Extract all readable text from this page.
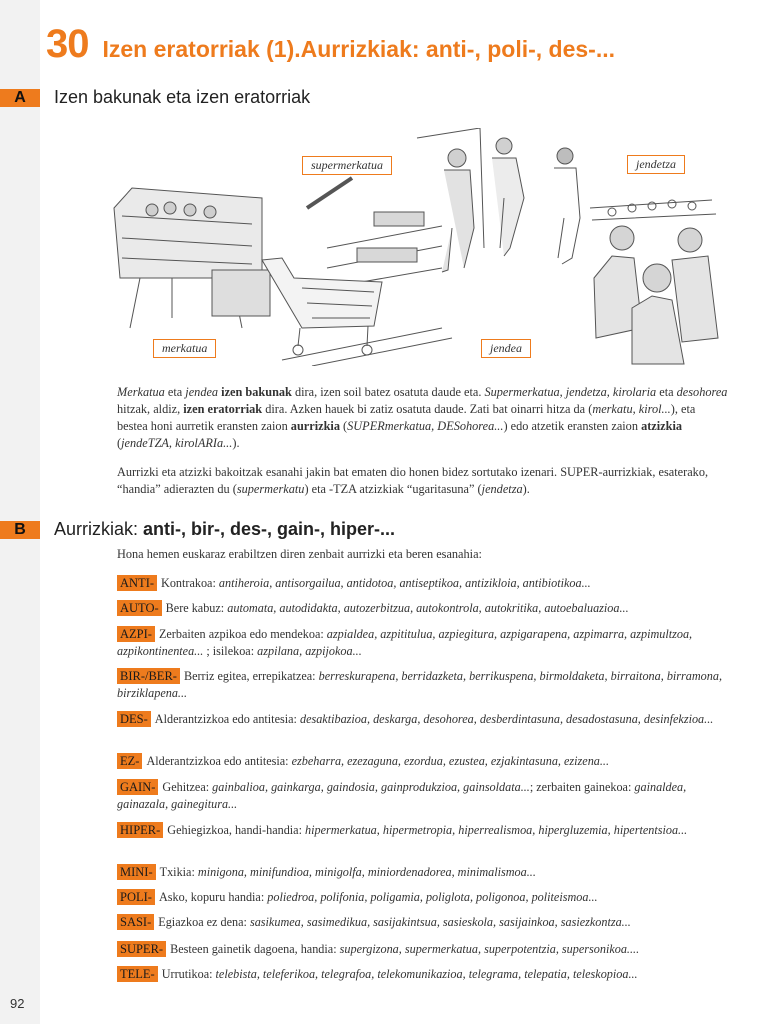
92
30 Izen eratorriak (1). Aurrizkiak: anti-, poli-, des-...
A	Izen bakunak eta izen eratorriak
supermerkatua	jendetza
merkatua	jendea
Merkatua eta jendea izen bakunak dira, izen soil batez osatuta daude eta. Supermerkatua, jendetza, kirolaria eta desohorea hitzak, aldiz, izen eratorriak dira. Azken hauek bi zatiz osatuta daude. Zati bat oinarri hitza da (merkatu, kirol...), eta bestea honi aurretik eransten zaion aurrizkia (SUPERmerkatua, DESohorea...) edo atzetik eransten zaion atzizkia (jendeTZA, kirolARIa...).
Aurrizki eta atzizki bakoitzak esanahi jakin bat ematen dio honen bidez sortutako izenari. SUPER-aurrizkiak, esaterako, “handia” adierazten du (supermerkatu) eta -TZA atzizkiak “ugaritasuna” (jendetza).
B	Aurrizkiak: anti-, bir-, des-, gain-, hiper-...
Hona hemen euskaraz erabiltzen diren zenbait aurrizki eta beren esanahia:
ANTI- Kontrakoa: antiheroia, antisorgailua, antidotoa, antiseptikoa, antizikloia, antibiotikoa...
AUTO- Bere kabuz: automata, autodidakta, autozerbitzua, autokontrola, autokritika, autoebaluazioa...
AZPI- Zerbaiten azpikoa edo mendekoa: azpialdea, azpititulua, azpiegitura, azpigarapena, azpimarra, azpimultzoa, azpikontinentea... ; isilekoa: azpilana, azpijokoa...
BIR-/BER- Berriz egitea, errepikatzea: berreskurapena, berridazketa, berrikuspena, birmoldaketa, birraitona, birramona, birziklapena...
DES- Alderantzizkoa edo antitesia: desaktibazioa, deskarga, desohorea, desberdintasuna, desadostasuna, desinfekzioa...
EZ- Alderantzizkoa edo antitesia: ezbeharra, ezezaguna, ezordua, ezustea, ezjakintasuna, ezizena...
GAIN- Gehitzea: gainbalioa, gainkarga, gaindosia, gainprodukzioa, gainsoldata...; zerbaiten gainekoa: gainaldea, gainazala, gainegitura...
HIPER- Gehiegizkoa, handi-handia: hipermerkatua, hipermetropia, hiperrealismoa, hipergluzemia, hipertentsioa...
MINI- Txikia: minigona, minifundioa, minigolfa, miniordenadorea, minimalismoa...
POLI- Asko, kopuru handia: poliedroa, polifonia, poligamia, poliglota, poligonoa, politeismoa...
SASI- Egiazkoa ez dena: sasikumea, sasimedikua, sasijakintsua, sasieskola, sasijainkoa, sasiezkontza...
SUPER- Besteen gainetik dagoena, handia: supergizona, supermerkatua, superpotentzia, supersonikoa....
TELE- Urrutikoa: telebista, teleferikoa, telegrafoa, telekomunikazioa, telegrama, telepatia, teleskopioa...
